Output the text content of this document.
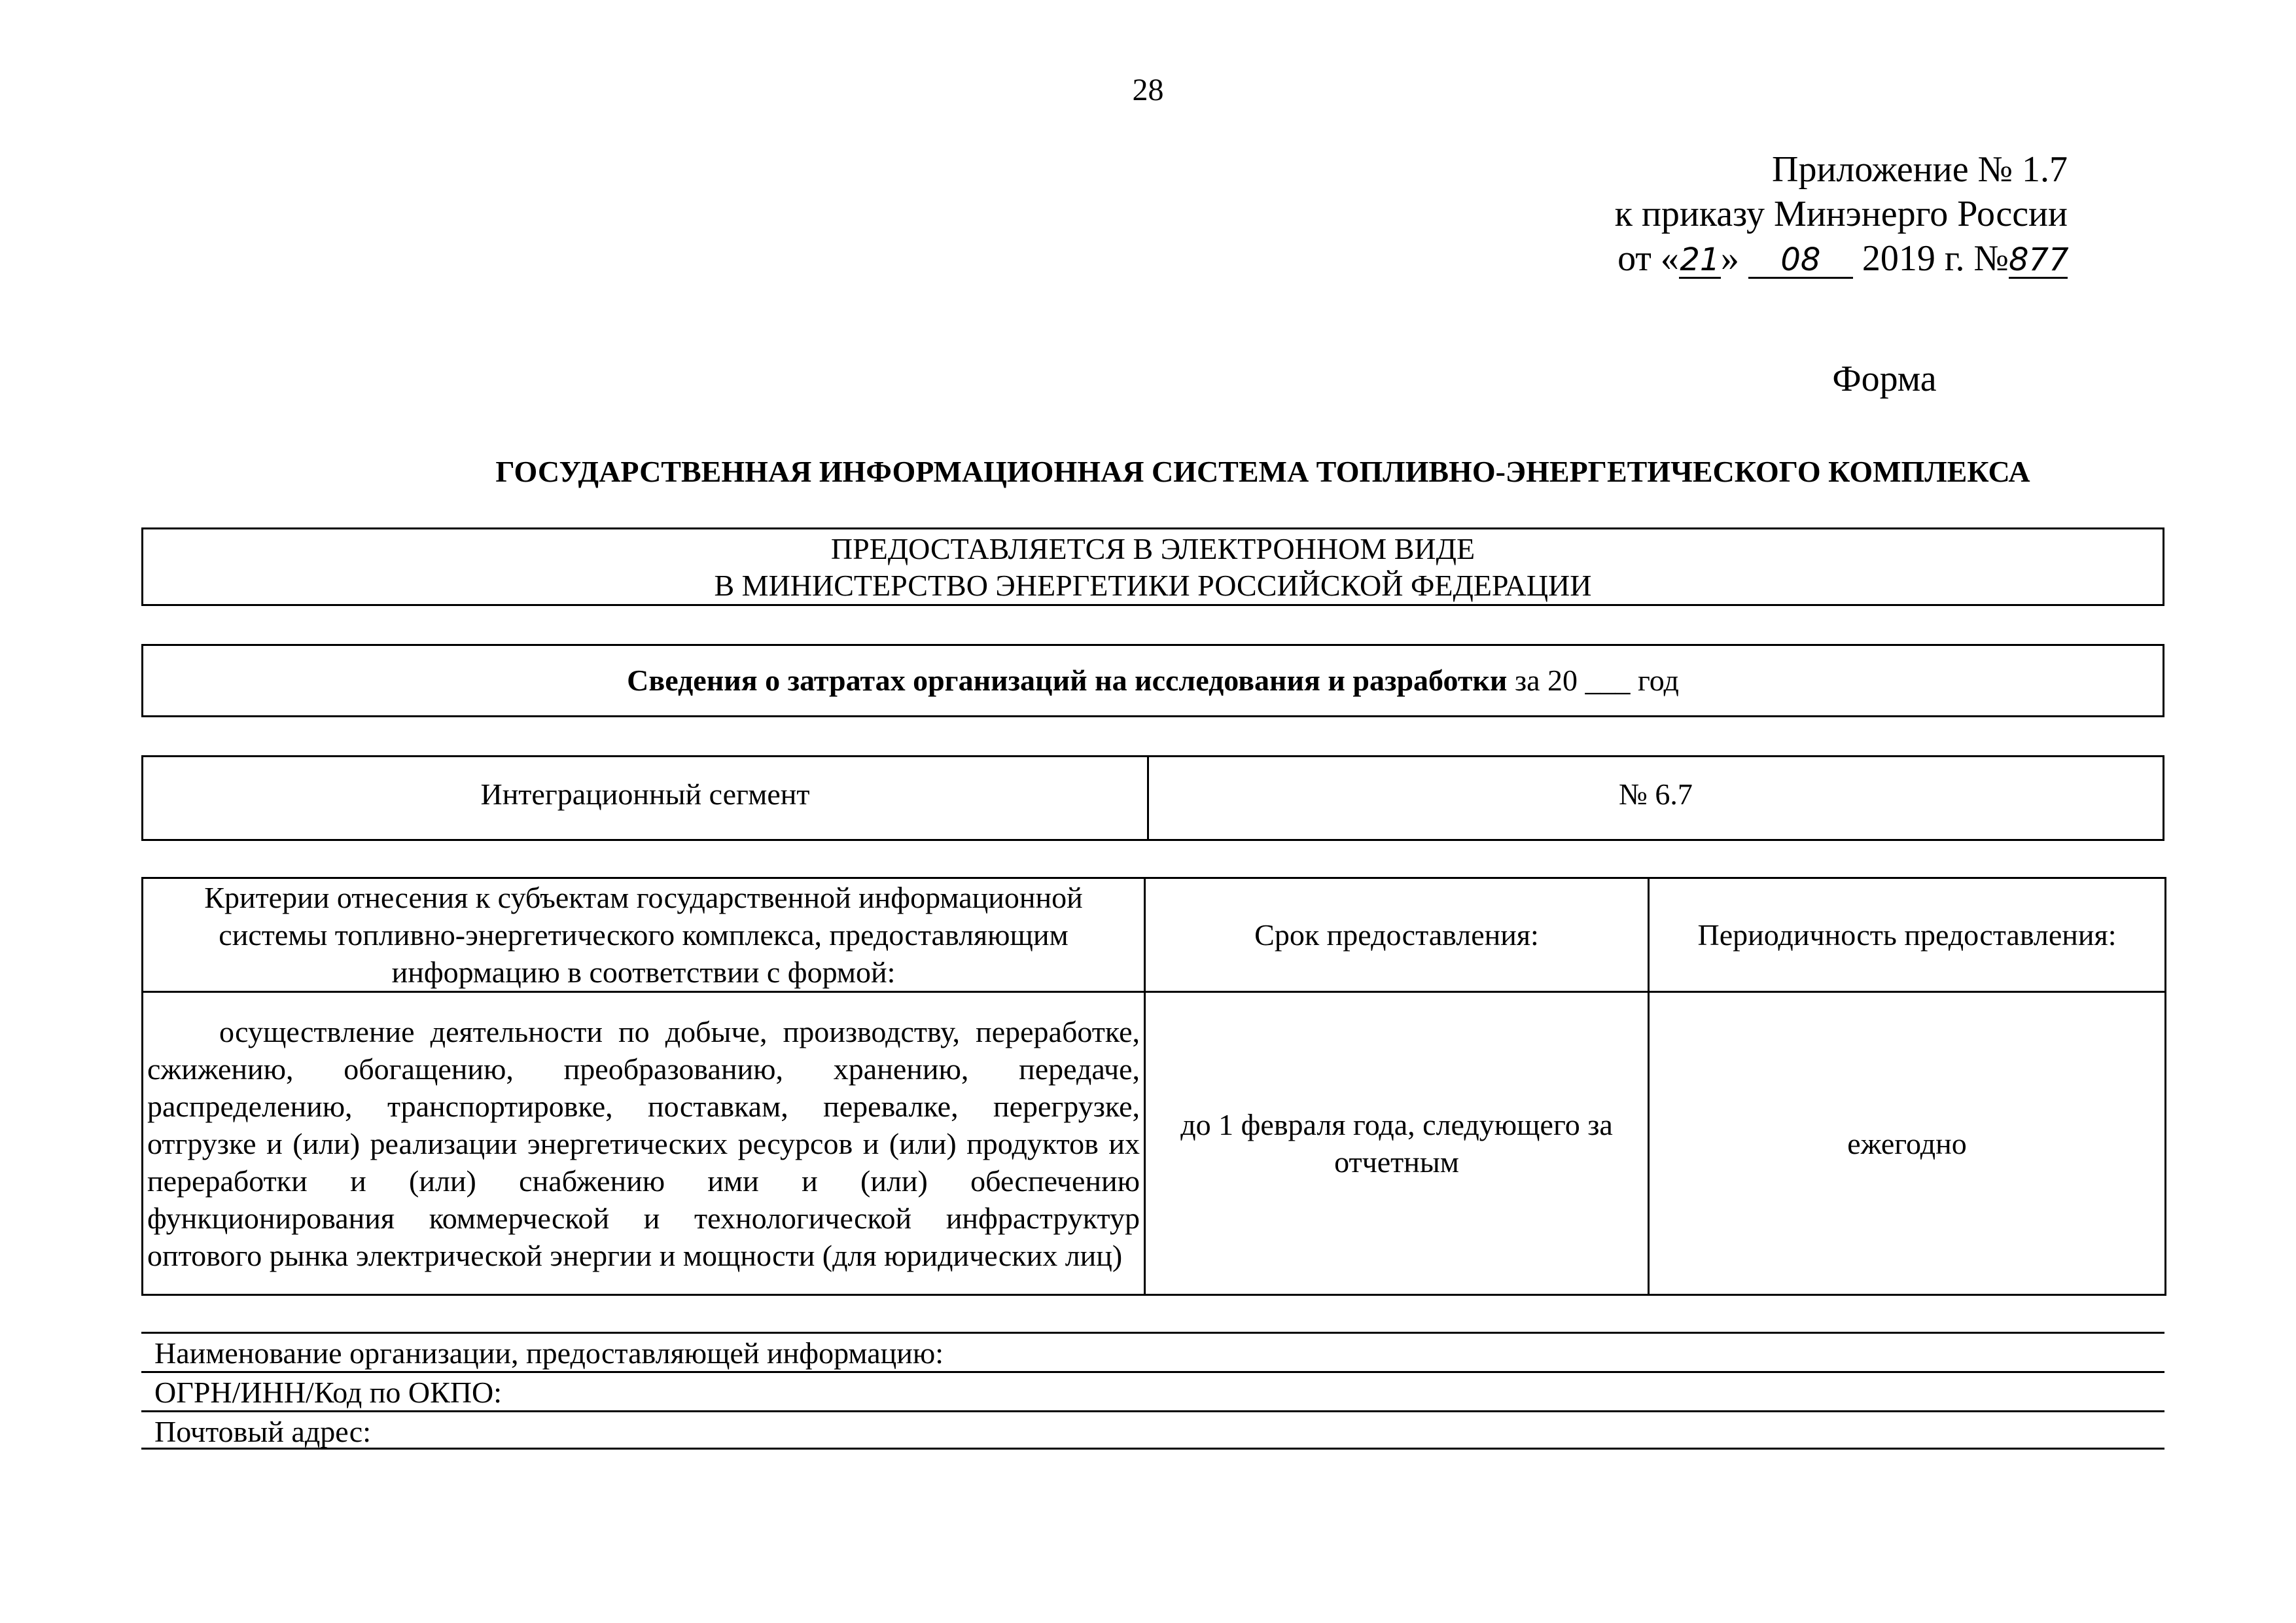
28
Приложение № 1.7
к приказу Минэнерго России
от «21» 08 2019 г. №877
Форма
ГОСУДАРСТВЕННАЯ ИНФОРМАЦИОННАЯ СИСТЕМА ТОПЛИВНО-ЭНЕРГЕТИЧЕСКОГО КОМПЛЕКСА
ПРЕДОСТАВЛЯЕТСЯ В ЭЛЕКТРОННОМ ВИДЕ
В МИНИСТЕРСТВО ЭНЕРГЕТИКИ РОССИЙСКОЙ ФЕДЕРАЦИИ
Сведения о затратах организаций на исследования и разработки за 20 ___ год
Интеграционный сегмент	№ 6.7
Критерии отнесения к субъектам государственной информационной системы топливно-энергетического комплекса, предоставляющим информацию в соответствии с формой:	Срок предоставления:	Периодичность предоставления:
осуществление деятельности по добыче, производству, переработке, сжижению, обогащению, преобразованию, хранению, передаче, распределению, транспортировке, поставкам, перевалке, перегрузке, отгрузке и (или) реализации энергетических ресурсов и (или) продуктов их переработки и (или) снабжению ими и (или) обеспечению функционирования коммерческой и технологической инфраструктур оптового рынка электрической энергии и мощности (для юридических лиц)	до 1 февраля года, следующего за отчетным	ежегодно
Наименование организации, предоставляющей информацию:
ОГРН/ИНН/Код по ОКПО:
Почтовый адрес:
